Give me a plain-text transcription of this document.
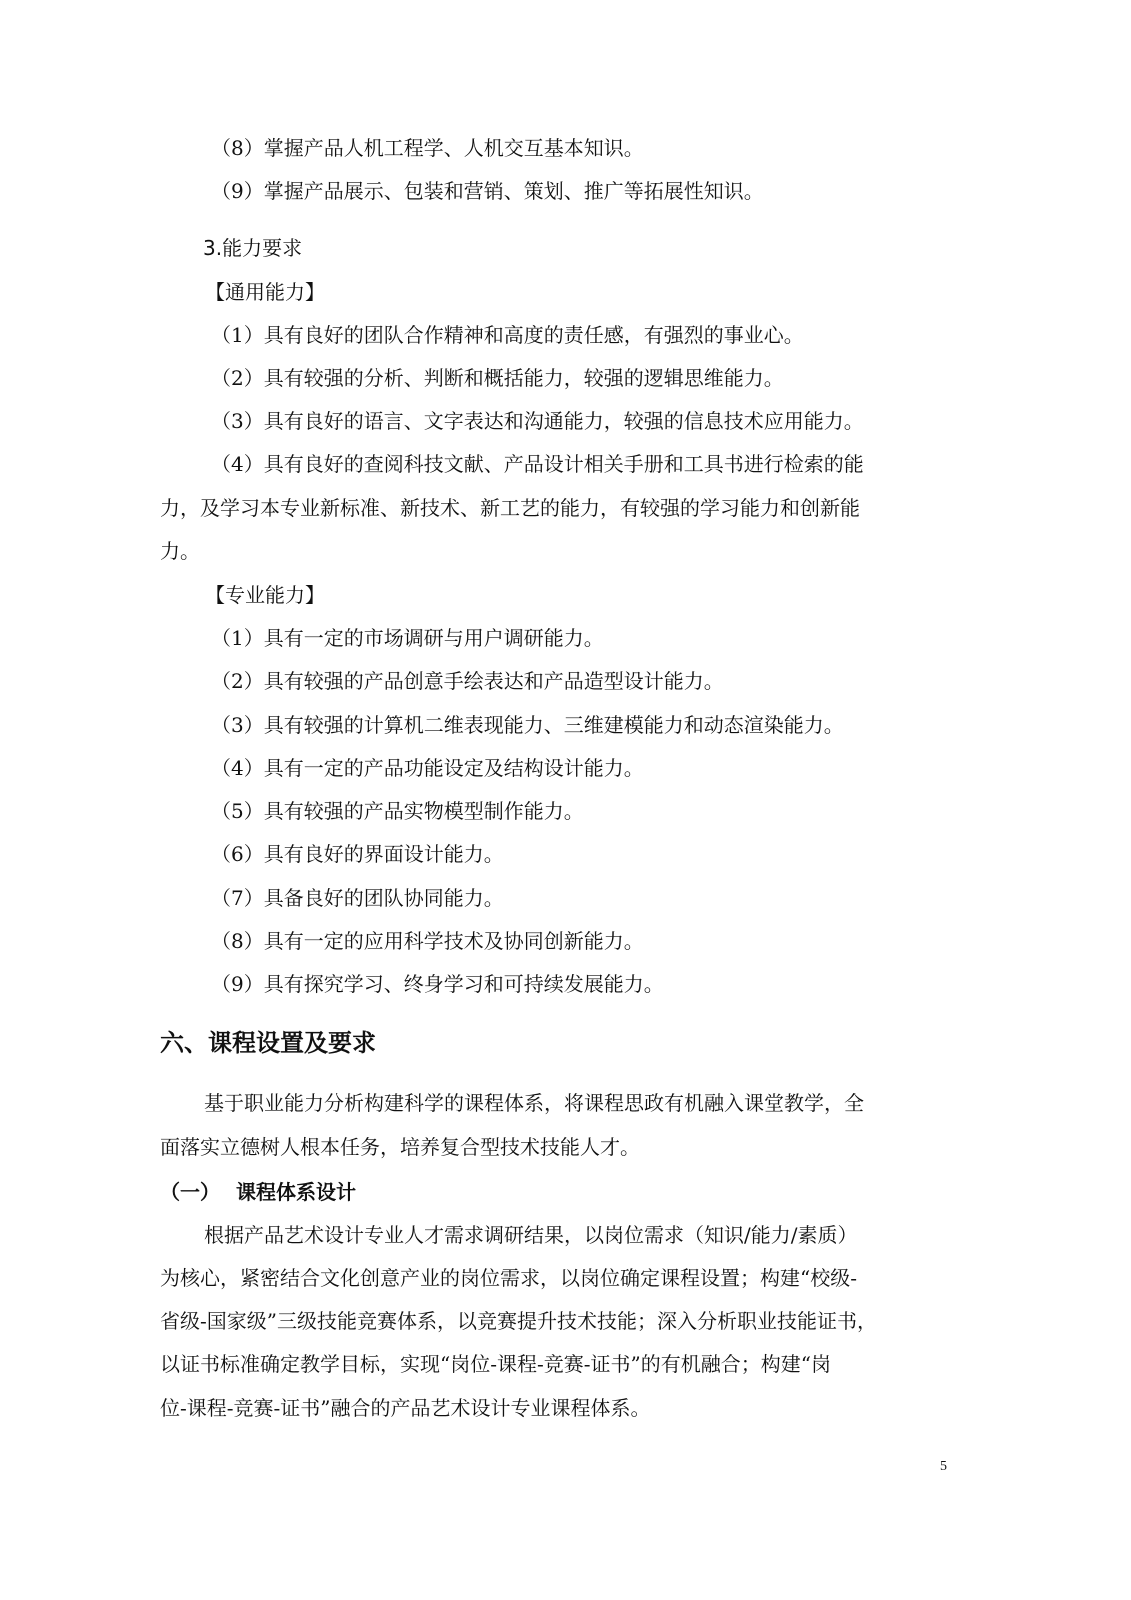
（8）掌握产品人机工程学、人机交互基本知识。
（9）掌握产品展示、包装和营销、策划、推广等拓展性知识。
3.能力要求
【通用能力】
（1）具有良好的团队合作精神和高度的责任感，有强烈的事业心。
（2）具有较强的分析、判断和概括能力，较强的逻辑思维能力。
（3）具有良好的语言、文字表达和沟通能力，较强的信息技术应用能力。
（4）具有良好的查阅科技文献、产品设计相关手册和工具书进行检索的能
力，及学习本专业新标准、新技术、新工艺的能力，有较强的学习能力和创新能
力。
【专业能力】
（1）具有一定的市场调研与用户调研能力。
（2）具有较强的产品创意手绘表达和产品造型设计能力。
（3）具有较强的计算机二维表现能力、三维建模能力和动态渲染能力。
（4）具有一定的产品功能设定及结构设计能力。
（5）具有较强的产品实物模型制作能力。
（6）具有良好的界面设计能力。
（7）具备良好的团队协同能力。
（8）具有一定的应用科学技术及协同创新能力。
（9）具有探究学习、终身学习和可持续发展能力。
六、课程设置及要求
基于职业能力分析构建科学的课程体系，将课程思政有机融入课堂教学，全
面落实立德树人根本任务，培养复合型技术技能人才。
（一） 课程体系设计
根据产品艺术设计专业人才需求调研结果，以岗位需求（知识/能力/素质）
为核心，紧密结合文化创意产业的岗位需求，以岗位确定课程设置；构建“校级-
省级-国家级”三级技能竞赛体系，以竞赛提升技术技能；深入分析职业技能证书，
以证书标准确定教学目标，实现“岗位-课程-竞赛-证书”的有机融合；构建“岗
位-课程-竞赛-证书”融合的产品艺术设计专业课程体系。
5
